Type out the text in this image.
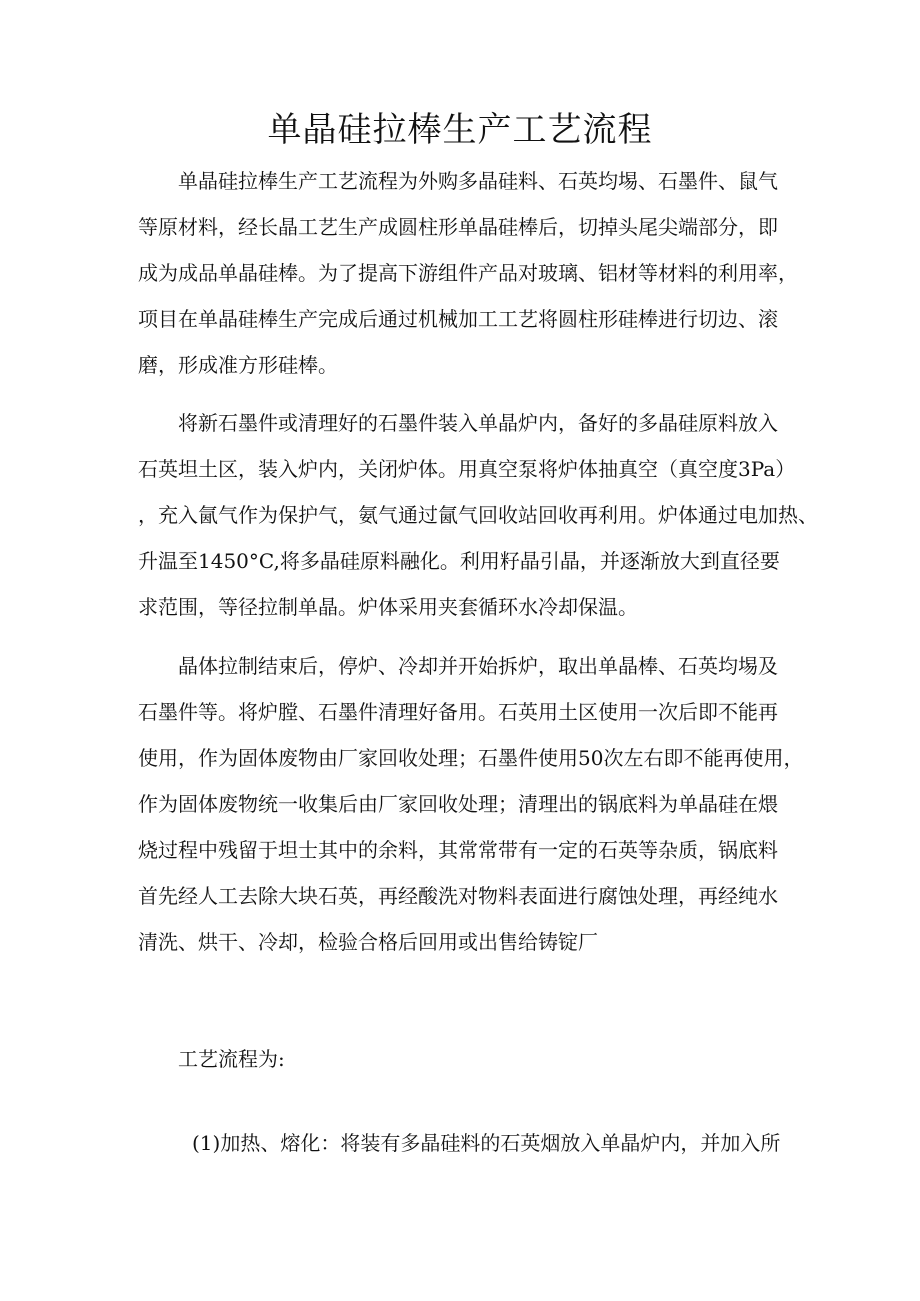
单晶硅拉棒生产工艺流程
单晶硅拉棒生产工艺流程为外购多晶硅料、石英均埸、石墨件、鼠气
等原材料，经长晶工艺生产成圆柱形单晶硅棒后，切掉头尾尖端部分，即
成为成品单晶硅棒。为了提高下游组件产品对玻璃、铝材等材料的利用率，
项目在单晶硅棒生产完成后通过机械加工工艺将圆柱形硅棒进行切边、滚
磨，形成准方形硅棒。
将新石墨件或清理好的石墨件装入单晶炉内，备好的多晶硅原料放入
石英坦土区，装入炉内，关闭炉体。用真空泵将炉体抽真空（真空度3Pa）
，充入氤气作为保护气，氨气通过氤气回收站回收再利用。炉体通过电加热、
升温至1450°C,将多晶硅原料融化。利用籽晶引晶，并逐渐放大到直径要
求范围，等径拉制单晶。炉体采用夹套循环水冷却保温。
晶体拉制结束后，停炉、冷却并开始拆炉，取出单晶棒、石英均埸及
石墨件等。将炉膛、石墨件清理好备用。石英用土区使用一次后即不能再
使用，作为固体废物由厂家回收处理；石墨件使用50次左右即不能再使用，
作为固体废物统一收集后由厂家回收处理；清理出的锅底料为单晶硅在煨
烧过程中残留于坦士其中的余料，其常常带有一定的石英等杂质，锅底料
首先经人工去除大块石英，再经酸洗对物料表面进行腐蚀处理，再经纯水
清洗、烘干、冷却，检验合格后回用或出售给铸锭厂
工艺流程为:
(1)加热、熔化：将装有多晶硅料的石英烟放入单晶炉内，并加入所
